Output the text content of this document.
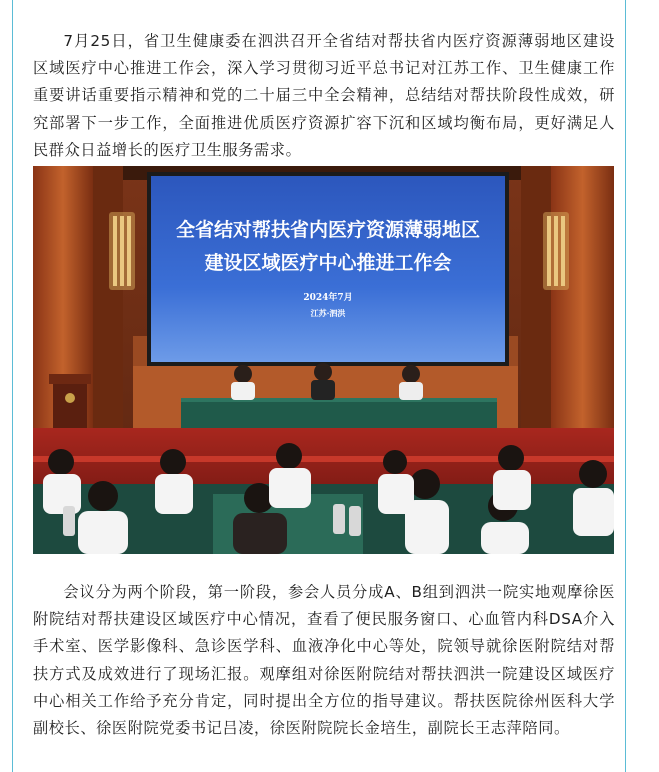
7月25日，省卫生健康委在泗洪召开全省结对帮扶省内医疗资源薄弱地区建设区域医疗中心推进工作会，深入学习贯彻习近平总书记对江苏工作、卫生健康工作重要讲话重要指示精神和党的二十届三中全会精神，总结结对帮扶阶段性成效，研究部署下一步工作，全面推进优质医疗资源扩容下沉和区域均衡布局，更好满足人民群众日益增长的医疗卫生服务需求。

全省结对帮扶省内医疗资源薄弱地区
建设区域医疗中心推进工作会
2024年7月
江苏·泗洪

会议分为两个阶段，第一阶段，参会人员分成A、B组到泗洪一院实地观摩徐医附院结对帮扶建设区域医疗中心情况，查看了便民服务窗口、心血管内科DSA介入手术室、医学影像科、急诊医学科、血液净化中心等处，院领导就徐医附院结对帮扶方式及成效进行了现场汇报。观摩组对徐医附院结对帮扶泗洪一院建设区域医疗中心相关工作给予充分肯定，同时提出全方位的指导建议。帮扶医院徐州医科大学副校长、徐医附院党委书记吕凌，徐医附院院长金培生，副院长王志萍陪同。
